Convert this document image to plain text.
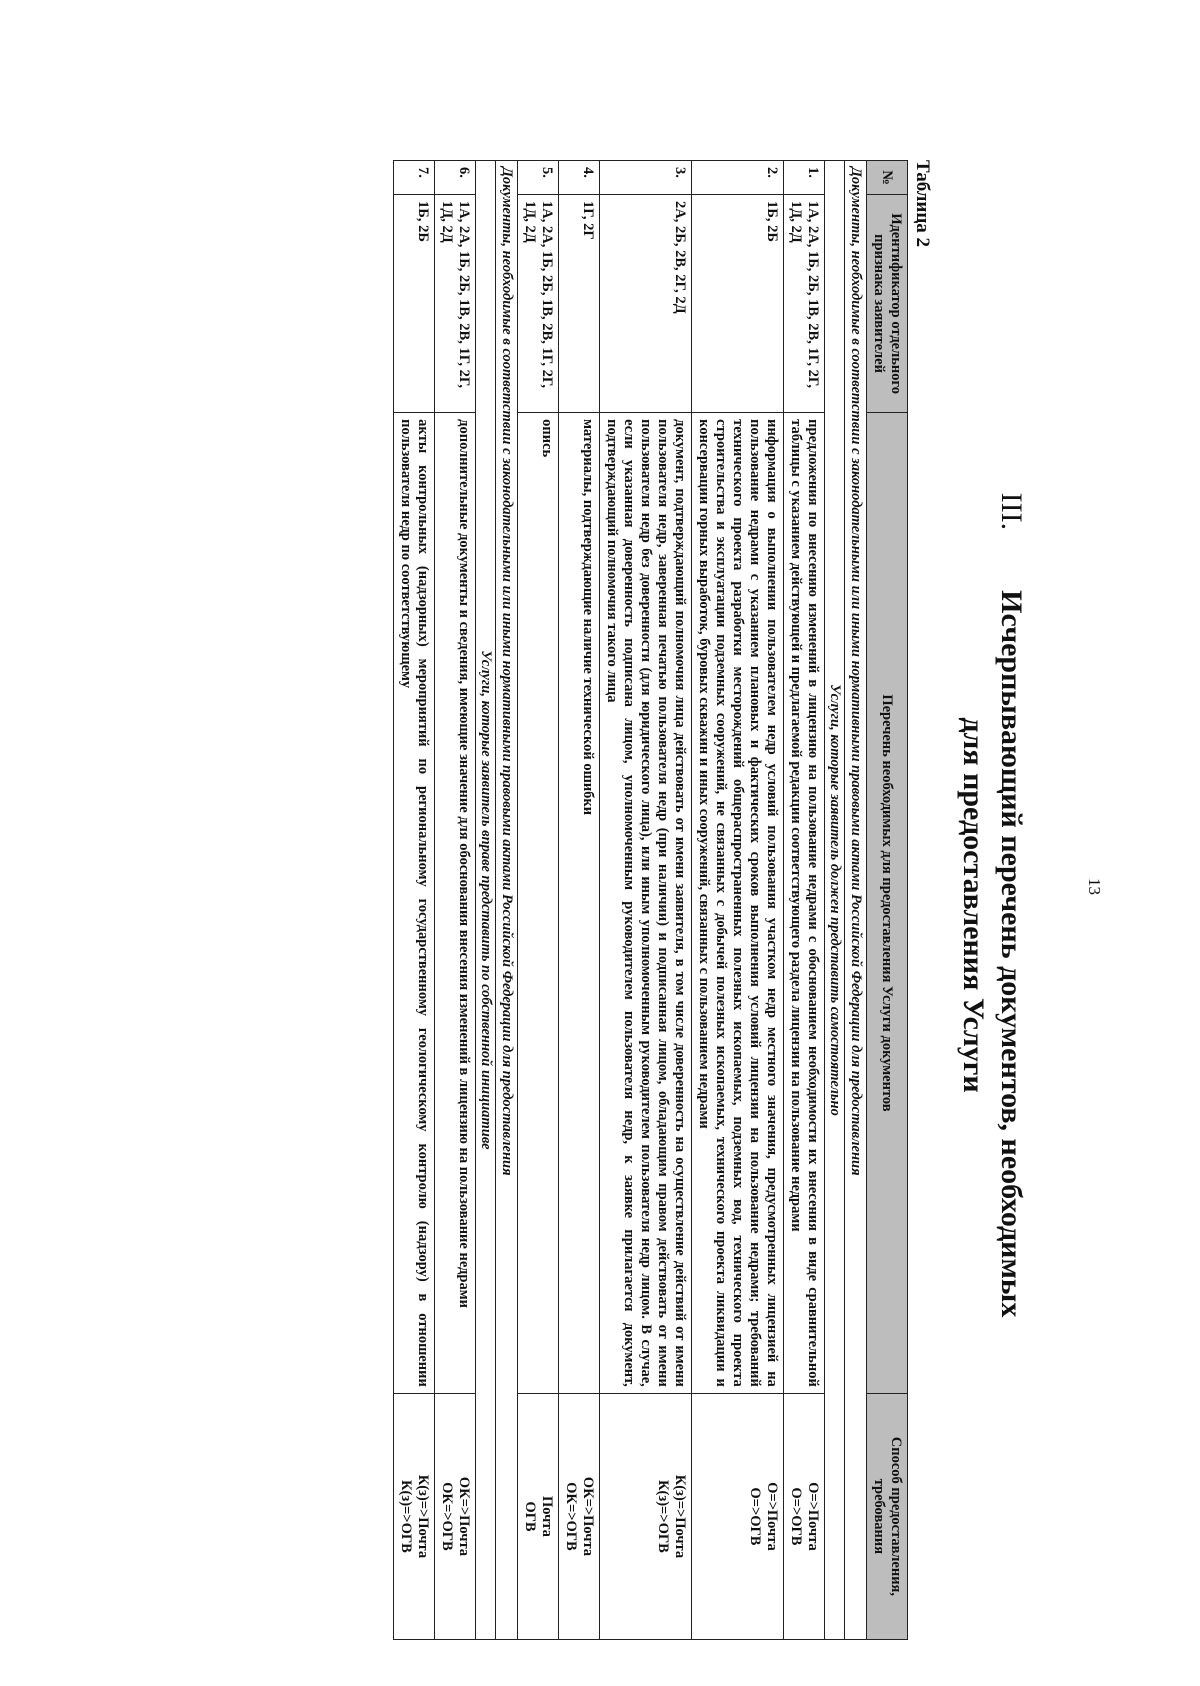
13
III.Исчерпывающий перечень документов, необходимых
для предоставления Услуги
Таблица 2
№	Идентификатор отдельного признака заявителей	Перечень необходимых для предоставления Услуги документов	Способ предоставления, требования
Документы, необходимые в соответствии с законодательными или иными нормативными правовыми актами Российской Федерации для предоставления			
Услуги, которые заявитель должен представить самостоятельно			
1.	1А, 2А, 1Б, 2Б, 1В, 2В, 1Г, 2Г, 1Д, 2Д	предложения по внесению изменений в лицензию на пользование недрами с обоснованием необходимости их внесения в виде сравнительной таблицы с указанием действующей и предлагаемой редакции соответствующего раздела лицензии на пользование недрами	О=>Почта
О=>ОГВ

2.	1Б, 2Б	информация о выполнении пользователем недр условий пользования участком недр местного значения, предусмотренных лицензией на пользование недрами с указанием плановых и фактических сроков выполнения условий лицензии на пользование недрами; требований технического проекта разработки месторождений общераспространенных полезных ископаемых, подземных вод, технического проекта строительства и эксплуатации подземных сооружений, не связанных с добычей полезных ископаемых, технического проекта ликвидации и консервации горных выработок, буровых скважин и иных сооружений, связанных с пользованием недрами	О=>Почта
О=>ОГВ

3.	2А, 2Б, 2В, 2Г, 2Д	документ, подтверждающий полномочия лица действовать от имени заявителя, в том числе доверенность на осуществление действий от имени пользователя недр, заверенная печатью пользователя недр (при наличии) и подписанная лицом, обладающим правом действовать от имени пользователя недр без доверенности (для юридического лица), или иным уполномоченным руководителем пользователя недр лицом. В случае, если указанная доверенность подписана лицом, уполномоченным руководителем пользователя недр, к заявке прилагается документ, подтверждающий полномочия такого лица	К(з)=>Почта
К(з)=>ОГВ

4.	1Г, 2Г	материалы, подтверждающие наличие технической ошибки	ОК=>Почта
ОК=>ОГВ

5.	1А, 2А, 1Б, 2Б, 1В, 2В, 1Г, 2Г, 1Д, 2Д	опись	Почта
ОГВ

Документы, необходимые в соответствии с законодательными или иными нормативными правовыми актами Российской Федерации для предоставления			
Услуги, которые заявитель вправе представить по собственной инициативе			
6.	1А, 2А, 1Б, 2Б, 1В, 2В, 1Г, 2Г, 1Д, 2Д	дополнительные документы и сведения, имеющие значение для обоснования внесения изменений в лицензию на пользование недрами	ОК=>Почта
ОК=>ОГВ

7.	1Б, 2Б	акты контрольных (надзорных) мероприятий по региональному государственному геологическому контролю (надзору) в отношении пользователя недр по соответствующему	К(з)=>Почта
К(з)=>ОГВ
